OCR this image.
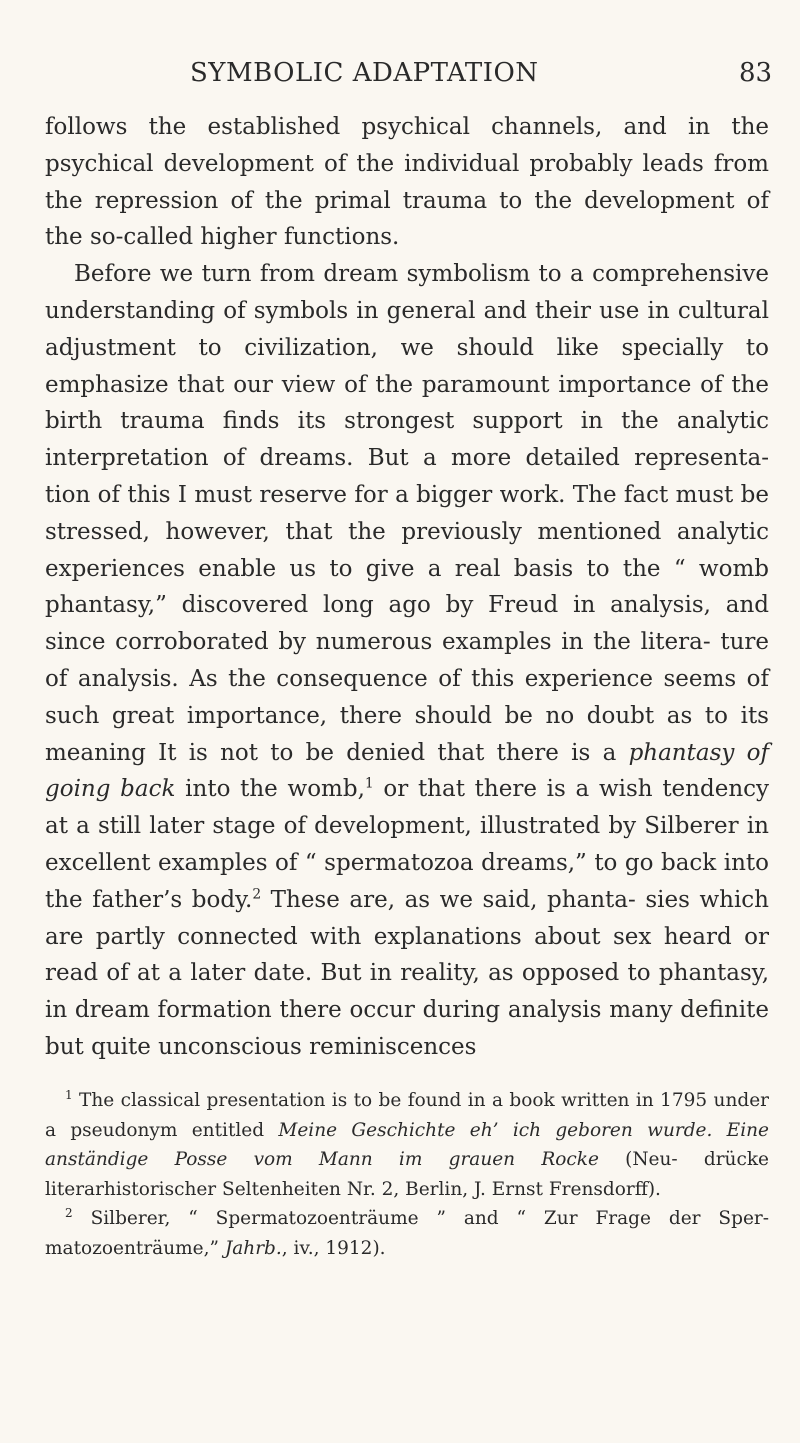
SYMBOLIC ADAPTATION	83

follows the established psychical channels, and in the psychical development of the individual probably leads from the repression of the primal trauma to the development of the so-called higher functions.

Before we turn from dream symbolism to a comprehensive understanding of symbols in general and their use in cultural adjustment to civilization, we should like specially to emphasize that our view of the paramount importance of the birth trauma finds its strongest support in the analytic interpretation of dreams. But a more detailed representa- tion of this I must reserve for a bigger work. The fact must be stressed, however, that the previously mentioned analytic experiences enable us to give a real basis to the “ womb phantasy,” discovered long ago by Freud in analysis, and since corroborated by numerous examples in the litera- ture of analysis. As the consequence of this experience seems of such great importance, there should be no doubt as to its meaning It is not to be denied that there is a phantasy of going back into the womb,$^1$ or that there is a wish tendency at a still later stage of development, illustrated by Silberer in excellent examples of “ spermatozoa dreams,” to go back into the father’s body.$^2$ These are, as we said, phanta- sies which are partly connected with explanations about sex heard or read of at a later date. But in reality, as opposed to phantasy, in dream formation there occur during analysis many definite but quite unconscious reminiscences

$^1$ The classical presentation is to be found in a book written in 1795 under a pseudonym entitled Meine Geschichte eh’ ich geboren wurde. Eine anständige Posse vom Mann im grauen Rocke (Neu- drücke literarhistorischer Seltenheiten Nr. 2, Berlin, J. Ernst Frensdorff).

$^2$ Silberer, “ Spermatozoenträume ” and “ Zur Frage der Sper- matozoenträume,” Jahrb., iv., 1912).
